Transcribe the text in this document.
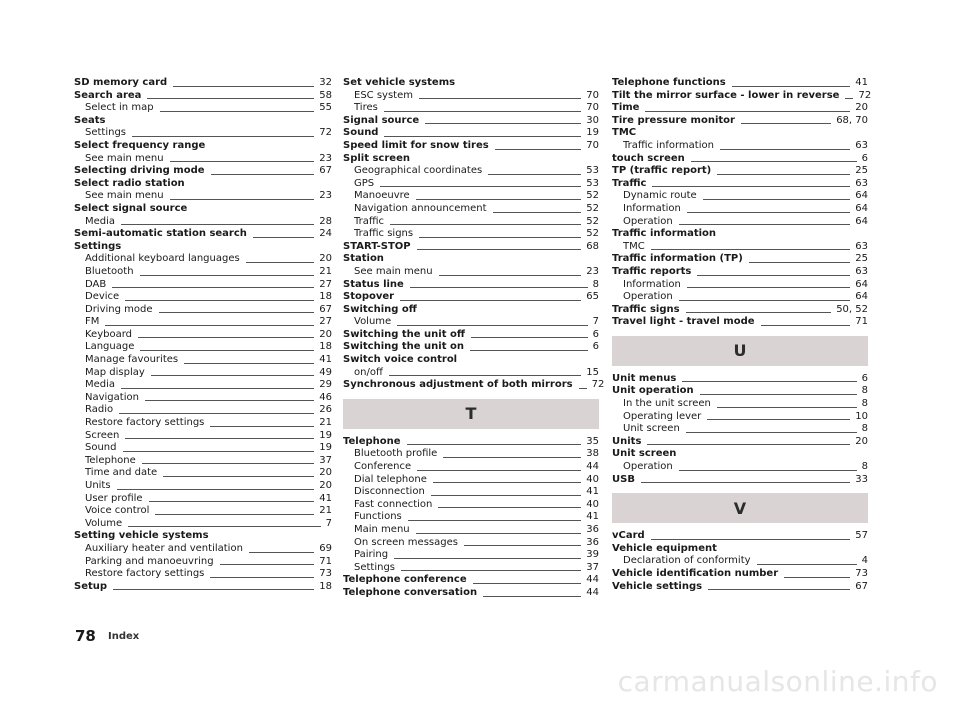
SD memory card	32
Search area	58
Select in map	55
Seats
Settings	72
Select frequency range
See main menu	23
Selecting driving mode	67
Select radio station
See main menu	23
Select signal source
Media	28
Semi-automatic station search	24
Settings
Additional keyboard languages	20
Bluetooth	21
DAB	27
Device	18
Driving mode	67
FM	27
Keyboard	20
Language	18
Manage favourites	41
Map display	49
Media	29
Navigation	46
Radio	26
Restore factory settings	21
Screen	19
Sound	19
Telephone	37
Time and date	20
Units	20
User profile	41
Voice control	21
Volume	7
Setting vehicle systems
Auxiliary heater and ventilation	69
Parking and manoeuvring	71
Restore factory settings	73
Setup	18
Set vehicle systems
ESC system	70
Tires	70
Signal source	30
Sound	19
Speed limit for snow tires	70
Split screen
Geographical coordinates	53
GPS	53
Manoeuvre	52
Navigation announcement	52
Traffic	52
Traffic signs	52
START-STOP	68
Station
See main menu	23
Status line	8
Stopover	65
Switching off
Volume	7
Switching the unit off	6
Switching the unit on	6
Switch voice control
on/off	15
Synchronous adjustment of both mirrors 72
T
Telephone	35
Bluetooth profile	38
Conference	44
Dial telephone	40
Disconnection	41
Fast connection	40
Functions	41
Main menu	36
On screen messages	36
Pairing	39
Settings	37
Telephone conference	44
Telephone conversation	44
Telephone functions	41
Tilt the mirror surface - lower in reverse 72
Time	20
Tire pressure monitor	68, 70
TMC
Traffic information	63
touch screen	6
TP (traffic report)	25
Traffic	63
Dynamic route	64
Information	64
Operation	64
Traffic information
TMC	63
Traffic information (TP)	25
Traffic reports	63
Information	64
Operation	64
Traffic signs	50, 52
Travel light - travel mode	71
U
Unit menus	6
Unit operation	8
In the unit screen	8
Operating lever	10
Unit screen	8
Units	20
Unit screen
Operation	8
USB	33
V
vCard	57
Vehicle equipment
Declaration of conformity	4
Vehicle identification number	73
Vehicle settings	67
78 Index
carmanualsonline.info
